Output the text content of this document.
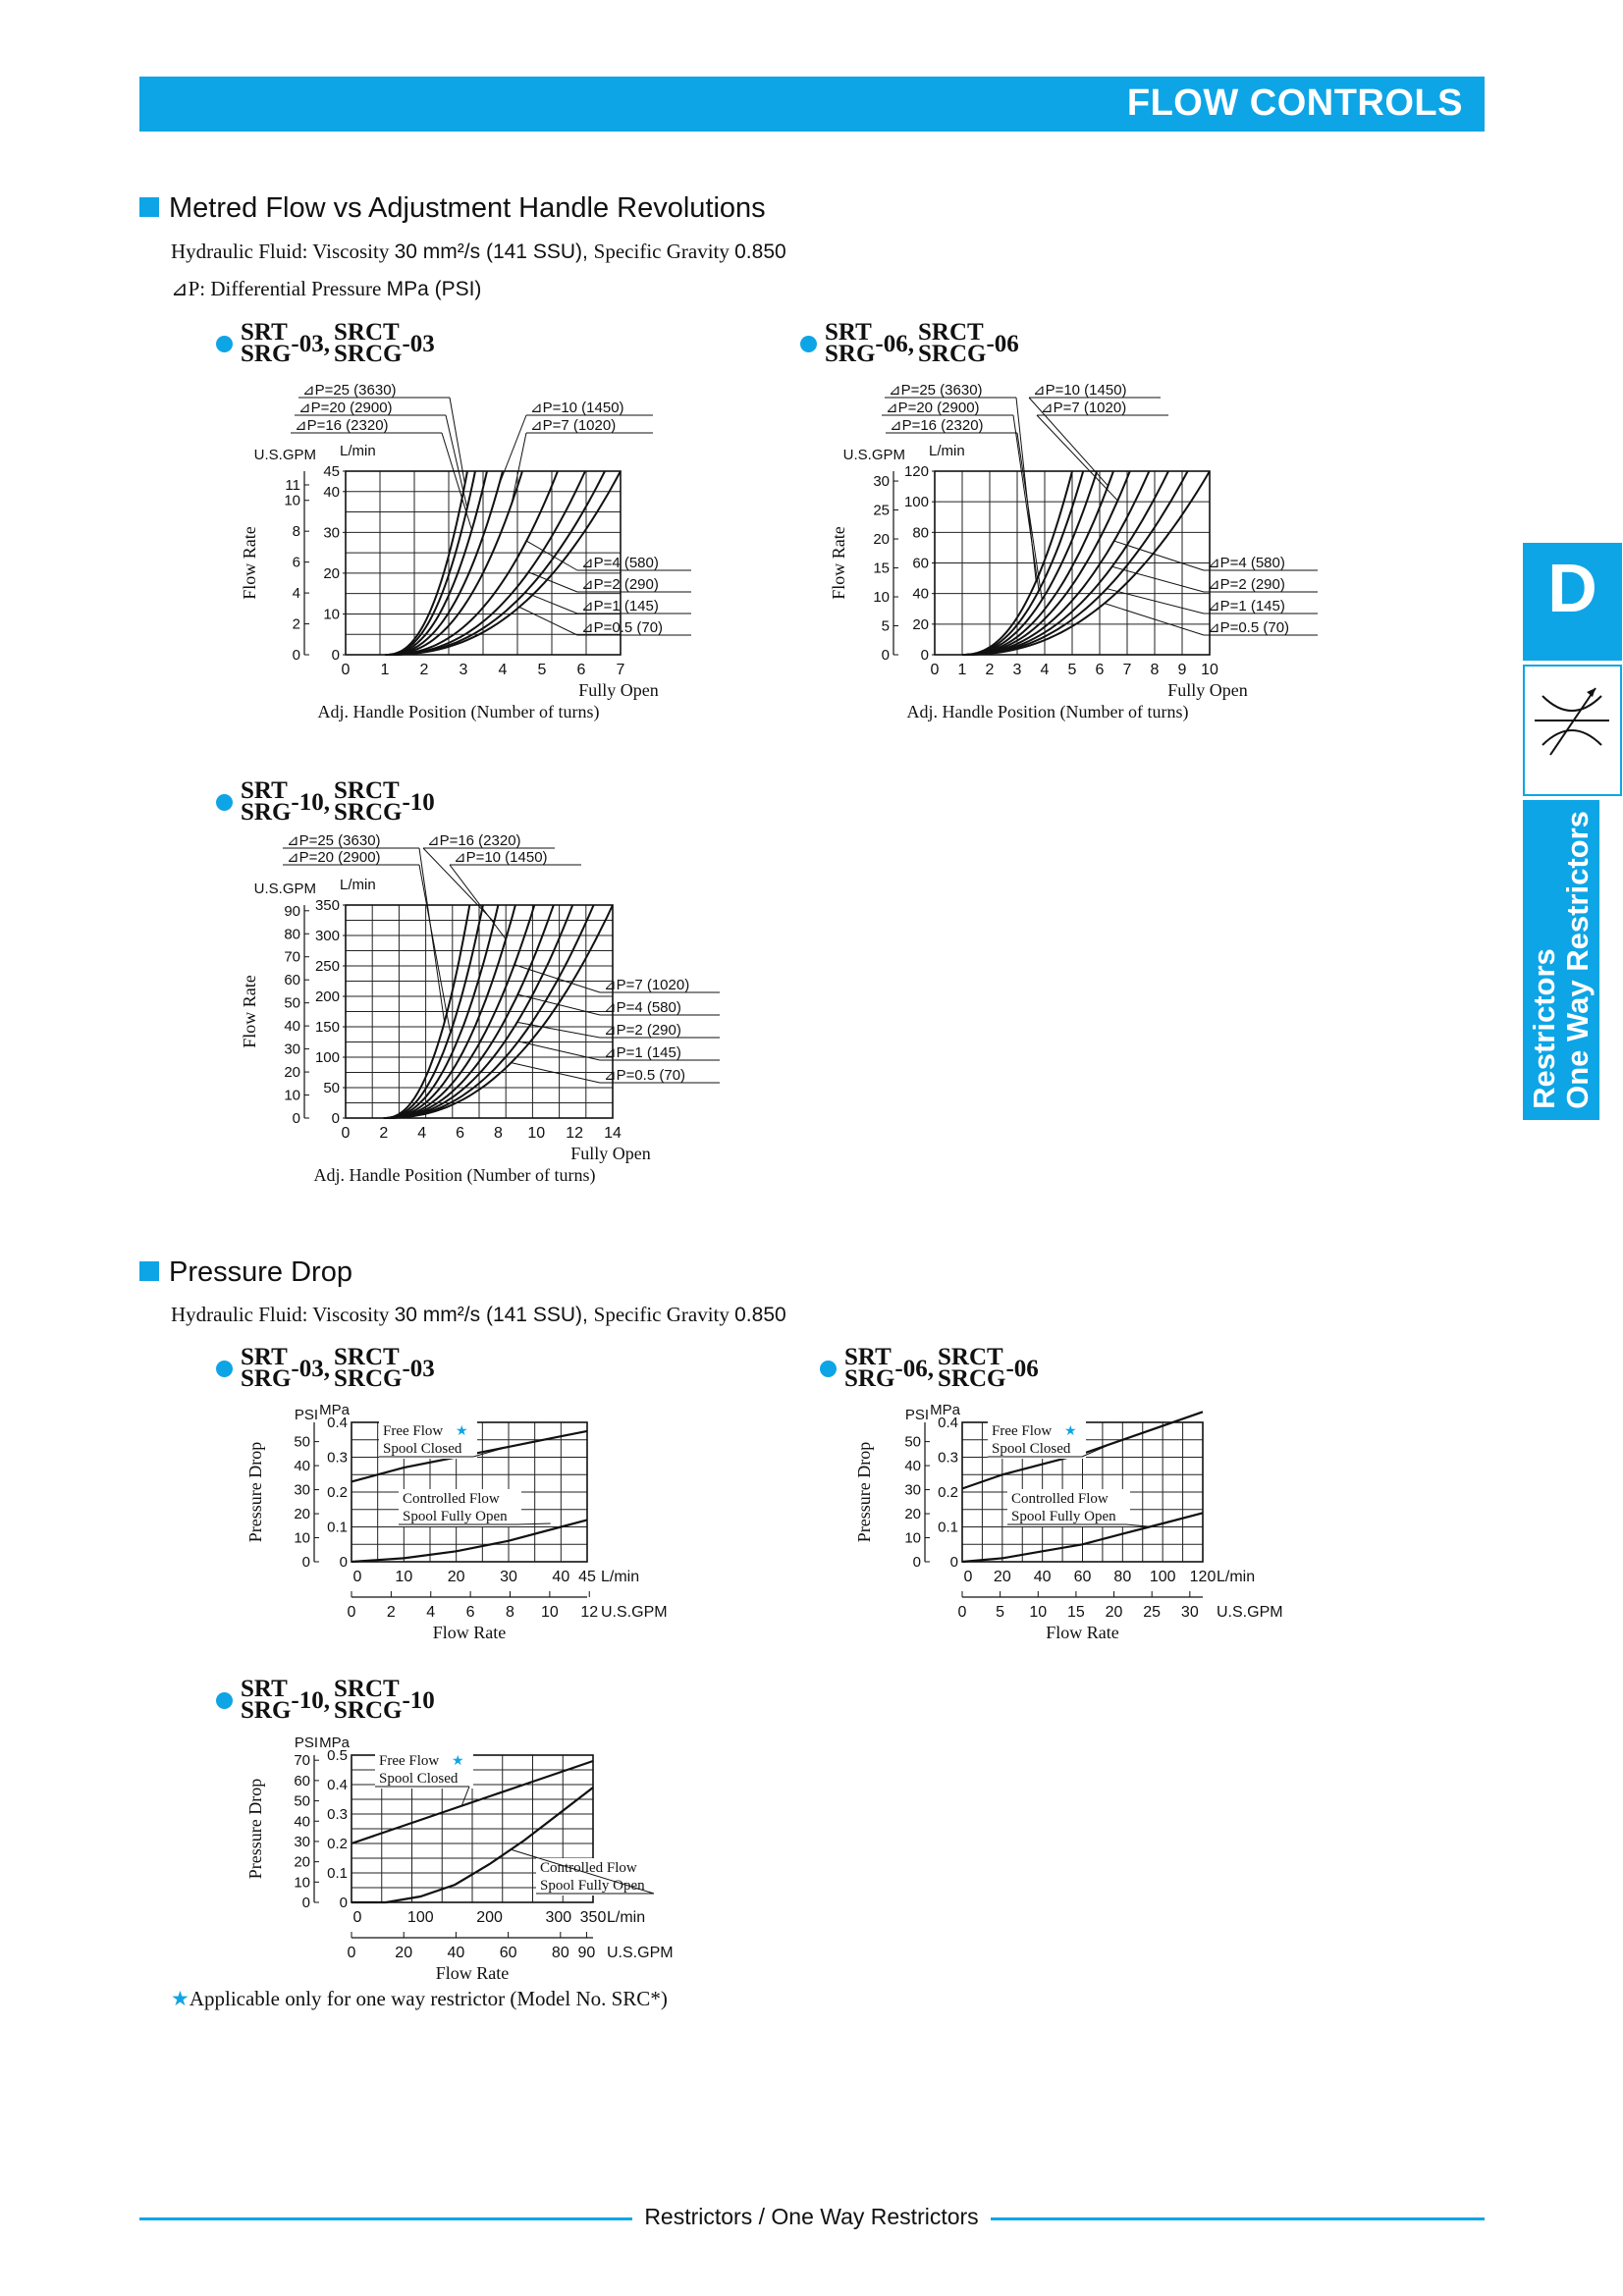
FLOW CONTROLS
D
Restrictors
One Way Restrictors
Metred Flow vs Adjustment Handle Revolutions
Hydraulic Fluid: Viscosity 30 mm²/s (141 SSU), Specific Gravity 0.850
⊿P: Differential Pressure MPa (PSI)
SRT
SRG-03, SRCT
SRCG-03	SRT
SRG-06, SRCT
SRCG-06
SRT
SRG-10, SRCT
SRCG-10
0 1 2 3 4 5 6 7
Fully Open
Adj. Handle Position (Number of turns)
0
10
20
30
40
45
0
2
4
6
8
10
11
U.S.GPM L/min
Flow Rate
⊿P=25 (3630)
⊿P=20 (2900)
⊿P=16 (2320)
⊿P=10 (1450)
⊿P=7 (1020)
⊿P=4 (580)
⊿P=2 (290)
⊿P=1 (145)
⊿P=0.5 (70)
0 1 2 3 4 5 6 7 8 9 10
Fully Open
Adj. Handle Position (Number of turns)
0
20
40
60
80
100
120
0
5
10
15
20
25
30
U.S.GPM L/min
Flow Rate
⊿P=25 (3630)
⊿P=20 (2900)
⊿P=16 (2320)
⊿P=10 (1450)
⊿P=7 (1020)
⊿P=4 (580)
⊿P=2 (290)
⊿P=1 (145)
⊿P=0.5 (70)
0 2 4 6 8 10 12 14
Fully Open
Adj. Handle Position (Number of turns)
0
50
100
150
200
250
300
350
0
10
20
30
40
50
60
70
80
90
U.S.GPM L/min
Flow Rate
⊿P=25 (3630)
⊿P=20 (2900)
⊿P=16 (2320)
⊿P=10 (1450)
⊿P=7 (1020)
⊿P=4 (580)
⊿P=2 (290)
⊿P=1 (145)
⊿P=0.5 (70)
Pressure Drop
Hydraulic Fluid: Viscosity 30 mm²/s (141 SSU), Specific Gravity 0.850
SRT
SRG-03, SRCT
SRCG-03	SRT
SRG-06, SRCT
SRCG-06
SRT
SRG-10, SRCT
SRCG-10
0
0.1
0.2
0.3
0.4
MPa
0
10
20
30
40
50
PSI
Pressure Drop
0 10 20 30 40 45 L/min
0 2 4 6 8 10 12 U.S.GPM
Flow Rate
Free Flow ★
Spool Closed
Controlled Flow
Spool Fully Open
0
0.1
0.2
0.3
0.4
MPa
0
10
20
30
40
50
PSI
Pressure Drop
0 20 40 60 80 100 120 L/min
0 5 10 15 20 25 30 U.S.GPM
Flow Rate
Free Flow ★
Spool Closed
Controlled Flow
Spool Fully Open
0
0.1
0.2
0.3
0.4
0.5
MPa
0
10
20
30
40
50
60
70
PSI
Pressure Drop
0	100	200	300 350 L/min
0 20 40 60 80 90 U.S.GPM
Flow Rate
Free Flow ★
Spool Closed
Controlled Flow
Spool Fully Open
★Applicable only for one way restrictor (Model No. SRC*)
Restrictors / One Way Restrictors
